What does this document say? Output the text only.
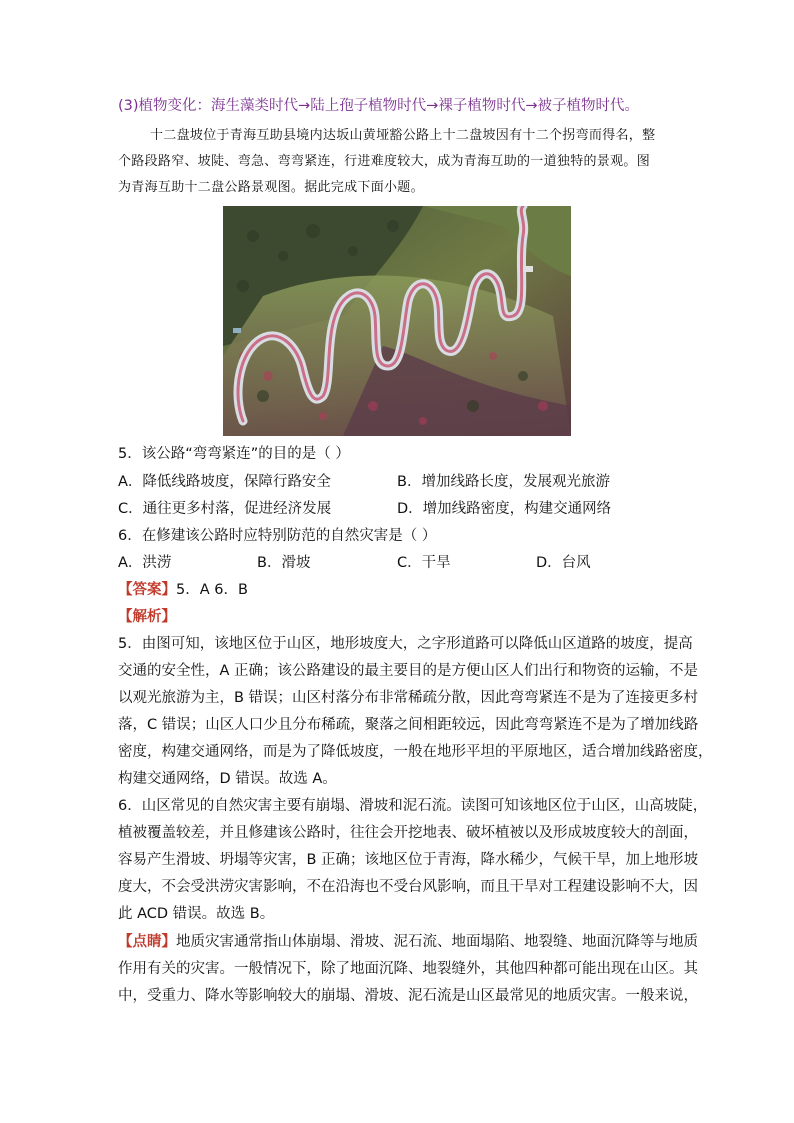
(3)植物变化：海生藻类时代→陆上孢子植物时代→裸子植物时代→被子植物时代。
十二盘坡位于青海互助县境内达坂山黄垭豁公路上十二盘坡因有十二个拐弯而得名，整
个路段路窄、坡陡、弯急、弯弯紧连，行进难度较大，成为青海互助的一道独特的景观。图
为青海互助十二盘公路景观图。据此完成下面小题。
5．该公路“弯弯紧连”的目的是（ ）
A．降低线路坡度，保障行路安全	B．增加线路长度，发展观光旅游
C．通往更多村落，促进经济发展	D．增加线路密度，构建交通网络
6．在修建该公路时应特别防范的自然灾害是（ ）
A．洪涝	B．滑坡	C．干旱	D．台风
【答案】5．A 6．B
【解析】
5．由图可知，该地区位于山区，地形坡度大，之字形道路可以降低山区道路的坡度，提高
交通的安全性，A 正确；该公路建设的最主要目的是方便山区人们出行和物资的运输，不是
以观光旅游为主，B 错误；山区村落分布非常稀疏分散，因此弯弯紧连不是为了连接更多村
落，C 错误；山区人口少且分布稀疏，聚落之间相距较远，因此弯弯紧连不是为了增加线路
密度，构建交通网络，而是为了降低坡度，一般在地形平坦的平原地区，适合增加线路密度，
构建交通网络，D 错误。故选 A。
6．山区常见的自然灾害主要有崩塌、滑坡和泥石流。读图可知该地区位于山区，山高坡陡，
植被覆盖较差，并且修建该公路时，往往会开挖地表、破坏植被以及形成坡度较大的剖面，
容易产生滑坡、坍塌等灾害，B 正确；该地区位于青海，降水稀少，气候干旱，加上地形坡
度大，不会受洪涝灾害影响，不在沿海也不受台风影响，而且干旱对工程建设影响不大，因
此 ACD 错误。故选 B。
【点睛】地质灾害通常指山体崩塌、滑坡、泥石流、地面塌陷、地裂缝、地面沉降等与地质
作用有关的灾害。一般情况下，除了地面沉降、地裂缝外，其他四种都可能出现在山区。其
中，受重力、降水等影响较大的崩塌、滑坡、泥石流是山区最常见的地质灾害。一般来说，
